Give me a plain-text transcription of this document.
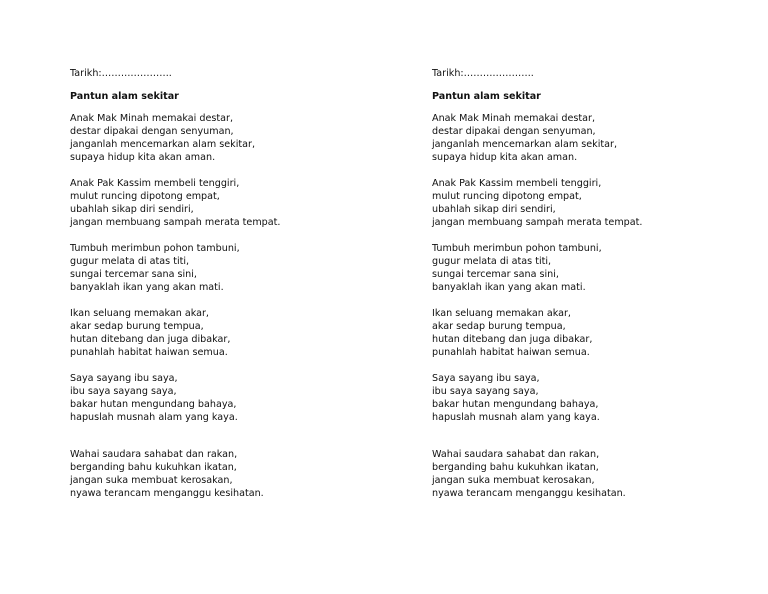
Tarikh:………………….
Pantun alam sekitar
Anak Mak Minah memakai destar,
destar dipakai dengan senyuman,
janganlah mencemarkan alam sekitar,
supaya hidup kita akan aman.
Anak Pak Kassim membeli tenggiri,
mulut runcing dipotong empat,
ubahlah sikap diri sendiri,
jangan membuang sampah merata tempat.
Tumbuh merimbun pohon tambuni,
gugur melata di atas titi,
sungai tercemar sana sini,
banyaklah ikan yang akan mati.
Ikan seluang memakan akar,
akar sedap burung tempua,
hutan ditebang dan juga dibakar,
punahlah habitat haiwan semua.
Saya sayang ibu saya,
ibu saya sayang saya,
bakar hutan mengundang bahaya,
hapuslah musnah alam yang kaya.
Wahai saudara sahabat dan rakan,
berganding bahu kukuhkan ikatan,
jangan suka membuat kerosakan,
nyawa terancam menganggu kesihatan.
Tarikh:………………….
Pantun alam sekitar
Anak Mak Minah memakai destar,
destar dipakai dengan senyuman,
janganlah mencemarkan alam sekitar,
supaya hidup kita akan aman.
Anak Pak Kassim membeli tenggiri,
mulut runcing dipotong empat,
ubahlah sikap diri sendiri,
jangan membuang sampah merata tempat.
Tumbuh merimbun pohon tambuni,
gugur melata di atas titi,
sungai tercemar sana sini,
banyaklah ikan yang akan mati.
Ikan seluang memakan akar,
akar sedap burung tempua,
hutan ditebang dan juga dibakar,
punahlah habitat haiwan semua.
Saya sayang ibu saya,
ibu saya sayang saya,
bakar hutan mengundang bahaya,
hapuslah musnah alam yang kaya.
Wahai saudara sahabat dan rakan,
berganding bahu kukuhkan ikatan,
jangan suka membuat kerosakan,
nyawa terancam menganggu kesihatan.
